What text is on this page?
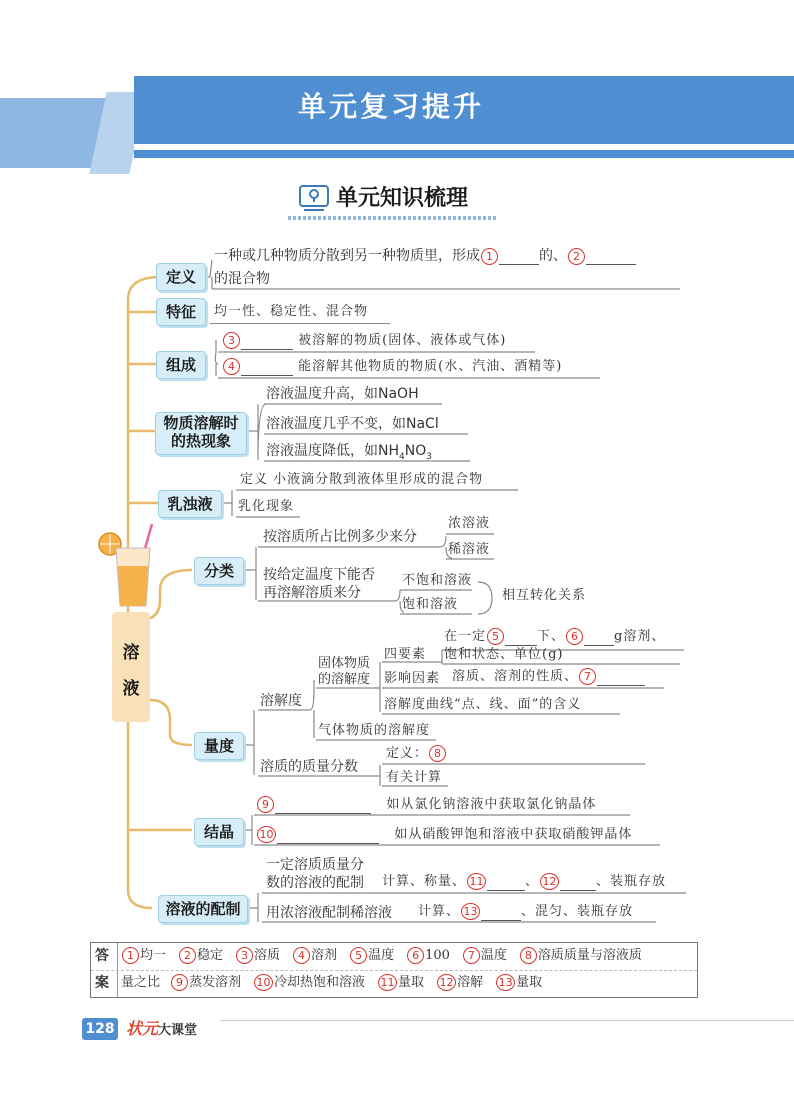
单元复习提升
单元知识梳理
溶
液
定义
一种或几种物质分散到另一种物质里，形成 1	的、 2
的混合物
特征	均一性、稳定性、混合物
组成
3	被溶解的物质(固体、液体或气体)
4	能溶解其他物质的物质(水、汽油、酒精等)
物质溶解时
的热现象
溶液温度升高，如NaOH
溶液温度几乎不变，如NaCl
溶液温度降低，如$NH_4NO_3$
乳浊液
定义 小液滴分散到液体里形成的混合物
乳化现象
分类
按溶质所占比例多少来分
浓溶液
稀溶液
按给定温度下能否
再溶解溶质来分
不饱和溶液
饱和溶液
相互转化关系
量度
溶解度
固体物质
的溶解度
四要素
在一定 5	下、 6	g溶剂、
饱和状态、单位(g)
影响因素 溶质、溶剂的性质、 7
溶解度曲线“点、线、面”的含义
气体物质的溶解度
溶质的质量分数
定义： 8
有关计算
结晶
9	如从氯化钠溶液中获取氯化钠晶体
10	如从硝酸钾饱和溶液中获取硝酸钾晶体
溶液的配制
一定溶质质量分
数的溶液的配制 计算、称量、 11	、 12	、装瓶存放
用浓溶液配制稀溶液 计算、 13	、混匀、装瓶存放
答
案
1 均一 2 稳定 3 溶质 4 溶剂 5 温度 6 100 7 温度 8 溶质质量与溶液质
量之比 9 蒸发溶剂 10 冷却热饱和溶液 11 量取 12 溶解 13 量取
128 状元大课堂
